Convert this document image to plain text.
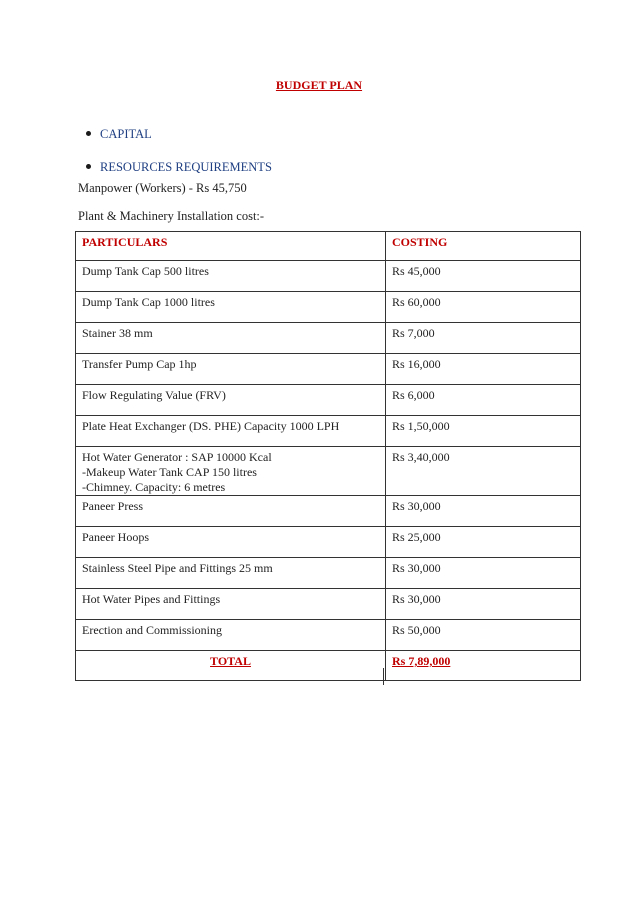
BUDGET PLAN
CAPITAL
RESOURCES REQUIREMENTS
Manpower (Workers) - Rs 45,750
Plant & Machinery Installation cost:-
PARTICULARS	COSTING
Dump Tank Cap 500 litres	Rs 45,000
Dump Tank Cap 1000 litres	Rs 60,000
Stainer 38 mm	Rs 7,000
Transfer Pump Cap 1hp	Rs 16,000
Flow Regulating Value (FRV)	Rs 6,000
Plate Heat Exchanger (DS. PHE) Capacity 1000 LPH	Rs 1,50,000

Hot Water Generator : SAP 10000 Kcal
-Makeup Water Tank CAP 150 litres
-Chimney. Capacity: 6 metres	Rs 3,40,000
Paneer Press	Rs 30,000
Paneer Hoops	Rs 25,000
Stainless Steel Pipe and Fittings 25 mm	Rs 30,000
Hot Water Pipes and Fittings	Rs 30,000
Erection and Commissioning	Rs 50,000
TOTAL	Rs 7,89,000
